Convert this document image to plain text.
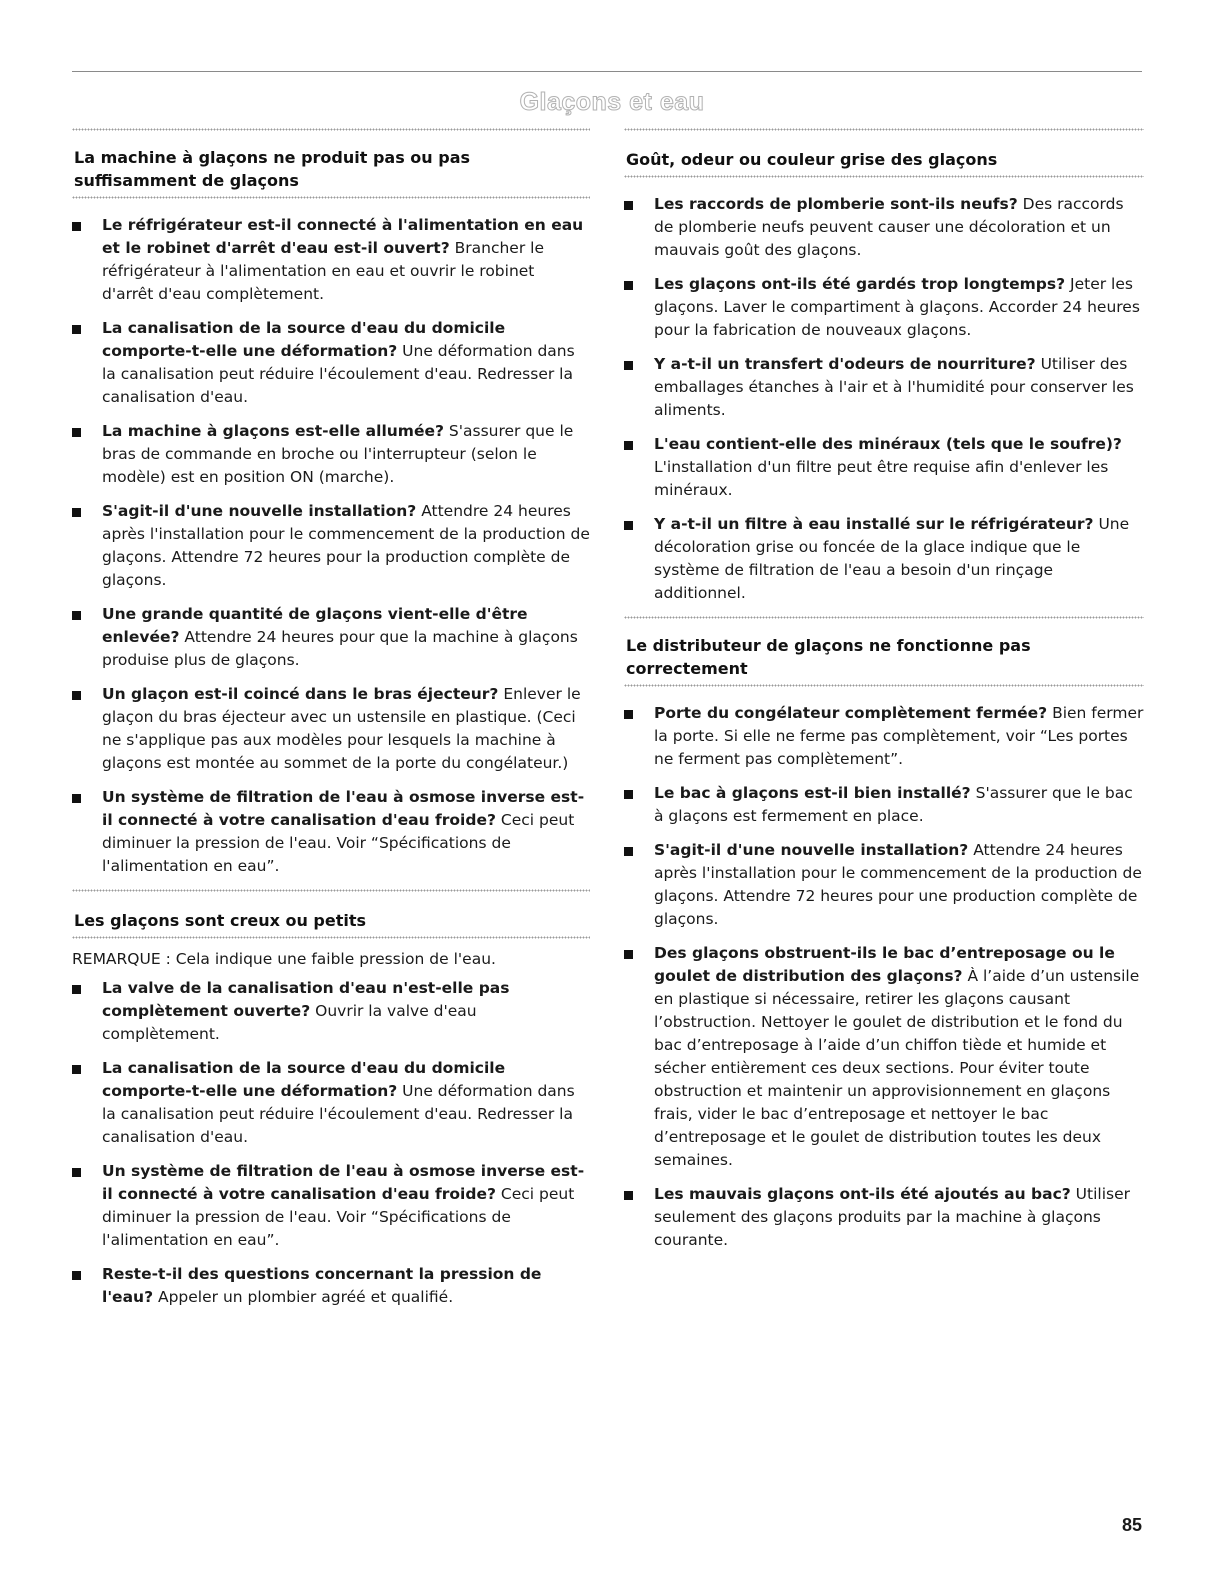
Glaçons et eau
La machine à glaçons ne produit pas ou pas suffisamment de glaçons
Le réfrigérateur est-il connecté à l'alimentation en eau et le robinet d'arrêt d'eau est-il ouvert? Brancher le réfrigérateur à l'alimentation en eau et ouvrir le robinet d'arrêt d'eau complètement.
La canalisation de la source d'eau du domicile comporte-t-elle une déformation? Une déformation dans la canalisation peut réduire l'écoulement d'eau. Redresser la canalisation d'eau.
La machine à glaçons est-elle allumée? S'assurer que le bras de commande en broche ou l'interrupteur (selon le modèle) est en position ON (marche).
S'agit-il d'une nouvelle installation? Attendre 24 heures après l'installation pour le commencement de la production de glaçons. Attendre 72 heures pour la production complète de glaçons.
Une grande quantité de glaçons vient-elle d'être enlevée? Attendre 24 heures pour que la machine à glaçons produise plus de glaçons.
Un glaçon est-il coincé dans le bras éjecteur? Enlever le glaçon du bras éjecteur avec un ustensile en plastique. (Ceci ne s'applique pas aux modèles pour lesquels la machine à glaçons est montée au sommet de la porte du congélateur.)
Un système de filtration de l'eau à osmose inverse est-il connecté à votre canalisation d'eau froide? Ceci peut diminuer la pression de l'eau. Voir “Spécifications de l'alimentation en eau”.
Les glaçons sont creux ou petits

REMARQUE : Cela indique une faible pression de l'eau.

La valve de la canalisation d'eau n'est-elle pas complètement ouverte? Ouvrir la valve d'eau complètement.
La canalisation de la source d'eau du domicile comporte-t-elle une déformation? Une déformation dans la canalisation peut réduire l'écoulement d'eau. Redresser la canalisation d'eau.
Un système de filtration de l'eau à osmose inverse est-il connecté à votre canalisation d'eau froide? Ceci peut diminuer la pression de l'eau. Voir “Spécifications de l'alimentation en eau”.
Reste-t-il des questions concernant la pression de l'eau? Appeler un plombier agréé et qualifié.
Goût, odeur ou couleur grise des glaçons
Les raccords de plomberie sont-ils neufs? Des raccords de plomberie neufs peuvent causer une décoloration et un mauvais goût des glaçons.
Les glaçons ont-ils été gardés trop longtemps? Jeter les glaçons. Laver le compartiment à glaçons. Accorder 24 heures pour la fabrication de nouveaux glaçons.
Y a-t-il un transfert d'odeurs de nourriture? Utiliser des emballages étanches à l'air et à l'humidité pour conserver les aliments.
L'eau contient-elle des minéraux (tels que le soufre)? L'installation d'un filtre peut être requise afin d'enlever les minéraux.
Y a-t-il un filtre à eau installé sur le réfrigérateur? Une décoloration grise ou foncée de la glace indique que le système de filtration de l'eau a besoin d'un rinçage additionnel.
Le distributeur de glaçons ne fonctionne pas correctement
Porte du congélateur complètement fermée? Bien fermer la porte. Si elle ne ferme pas complètement, voir “Les portes ne ferment pas complètement”.
Le bac à glaçons est-il bien installé? S'assurer que le bac à glaçons est fermement en place.
S'agit-il d'une nouvelle installation? Attendre 24 heures après l'installation pour le commencement de la production de glaçons. Attendre 72 heures pour une production complète de glaçons.
Des glaçons obstruent-ils le bac d’entreposage ou le goulet de distribution des glaçons? À l’aide d’un ustensile en plastique si nécessaire, retirer les glaçons causant l’obstruction. Nettoyer le goulet de distribution et le fond du bac d’entreposage à l’aide d’un chiffon tiède et humide et sécher entièrement ces deux sections. Pour éviter toute obstruction et maintenir un approvisionnement en glaçons frais, vider le bac d’entreposage et nettoyer le bac d’entreposage et le goulet de distribution toutes les deux semaines.
Les mauvais glaçons ont-ils été ajoutés au bac? Utiliser seulement des glaçons produits par la machine à glaçons courante.
85
